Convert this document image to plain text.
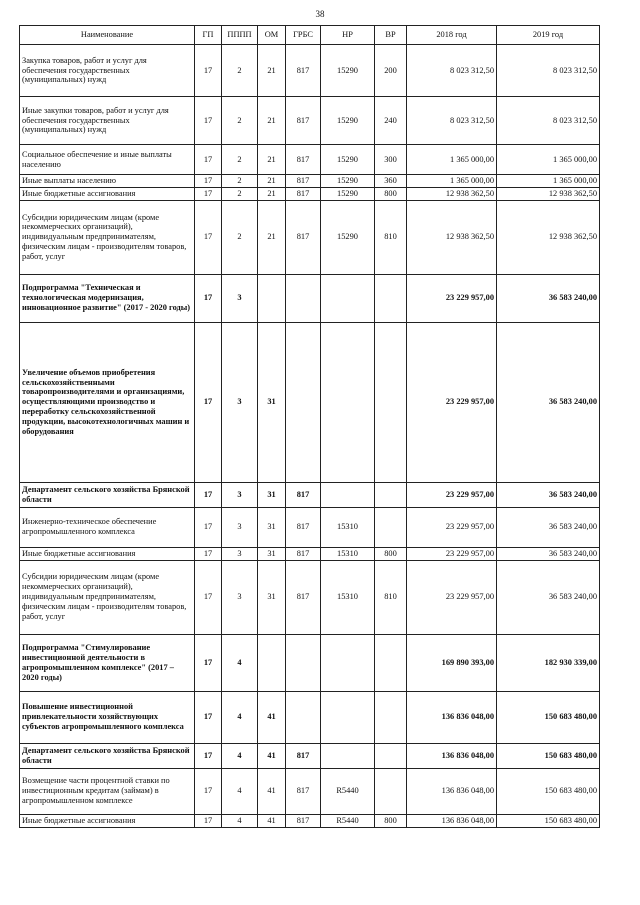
38
Наименование	ГП	ПППП	ОМ	ГРБС	НР	ВР	2018 год	2019 год
Закупка товаров, работ и услуг для обеспечения государственных (муниципальных) нужд	17	2	21	817	15290	200	8 023 312,50	8 023 312,50
Иные закупки товаров, работ и услуг для обеспечения государственных (муниципальных) нужд	17	2	21	817	15290	240	8 023 312,50	8 023 312,50
Социальное обеспечение и иные выплаты населению	17	2	21	817	15290	300	1 365 000,00	1 365 000,00
Иные выплаты населению	17	2	21	817	15290	360	1 365 000,00	1 365 000,00
Иные бюджетные ассигнования	17	2	21	817	15290	800	12 938 362,50	12 938 362,50
Субсидии юридическим лицам (кроме некоммерческих организаций), индивидуальным предпринимателям, физическим лицам - производителям товаров, работ, услуг	17	2	21	817	15290	810	12 938 362,50	12 938 362,50
Подпрограмма "Техническая и технологическая модернизация, инновационное развитие" (2017 - 2020 годы)	17	3					23 229 957,00	36 583 240,00
Увеличение объемов приобретения сельскохозяйственными товаропроизводителями и организациями, осуществляющими производство и переработку сельскохозяйственной продукции, высокотехнологичных машин и оборудования	17	3	31				23 229 957,00	36 583 240,00
Департамент сельского хозяйства Брянской области	17	3	31	817			23 229 957,00	36 583 240,00
Инженерно-техническое обеспечение агропромышленного комплекса	17	3	31	817	15310		23 229 957,00	36 583 240,00
Иные бюджетные ассигнования	17	3	31	817	15310	800	23 229 957,00	36 583 240,00
Субсидии юридическим лицам (кроме некоммерческих организаций), индивидуальным предпринимателям, физическим лицам - производителям товаров, работ, услуг	17	3	31	817	15310	810	23 229 957,00	36 583 240,00
Подпрограмма "Стимулирование инвестиционной деятельности в агропромышленном комплексе" (2017 – 2020 годы)	17	4					169 890 393,00	182 930 339,00
Повышение инвестиционной привлекательности хозяйствующих субъектов агропромышленного комплекса	17	4	41				136 836 048,00	150 683 480,00
Департамент сельского хозяйства Брянской области	17	4	41	817			136 836 048,00	150 683 480,00
Возмещение части процентной ставки по инвестиционным кредитам (займам) в агропромышленном комплексе	17	4	41	817	R5440		136 836 048,00	150 683 480,00
Иные бюджетные ассигнования	17	4	41	817	R5440	800	136 836 048,00	150 683 480,00
